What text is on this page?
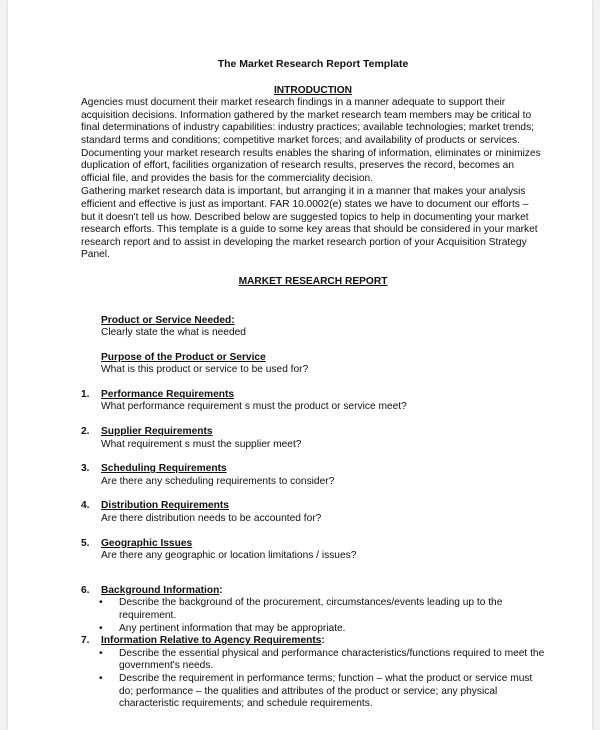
The Market Research Report Template

INTRODUCTION

Agencies must document their market research findings in a manner adequate to support their acquisition decisions. Information gathered by the market research team members may be critical to final determinations of industry capabilities: industry practices; available technologies; market trends; standard terms and conditions; competitive market forces; and availability of products or services. Documenting your market research results enables the sharing of information, eliminates or minimizes duplication of effort, facilities organization of research results, preserves the record, becomes an official file, and provides the basis for the commerciality decision.

Gathering market research data is important, but arranging it in a manner that makes your analysis efficient and effective is just as important. FAR 10.0002(e) states we have to document our efforts – but it doesn't tell us how. Described below are suggested topics to help in documenting your market research efforts. This template is a guide to some key areas that should be considered in your market research report and to assist in developing the market research portion of your Acquisition Strategy Panel.

MARKET RESEARCH REPORT

Product or Service Needed:
Clearly state the what is needed
Purpose of the Product or Service
What is this product or service to be used for?
1.	Performance Requirements
What performance requirement s must the product or service meet?
2.	Supplier Requirements
What requirement s must the supplier meet?
3.	Scheduling Requirements
Are there any scheduling requirements to consider?
4.	Distribution Requirements
Are there distribution needs to be accounted for?
5.	Geographic Issues
Are there any geographic or location limitations / issues?
6.	Background Information:
• Describe the background of the procurement, circumstances/events leading up to the requirement.
• Any pertinent information that may be appropriate.
7.	Information Relative to Agency Requirements:
• Describe the essential physical and performance characteristics/functions required to meet the government's needs.
• Describe the requirement in performance terms; function – what the product or service must do; performance – the qualities and attributes of the product or service; any physical characteristic requirements; and schedule requirements.
